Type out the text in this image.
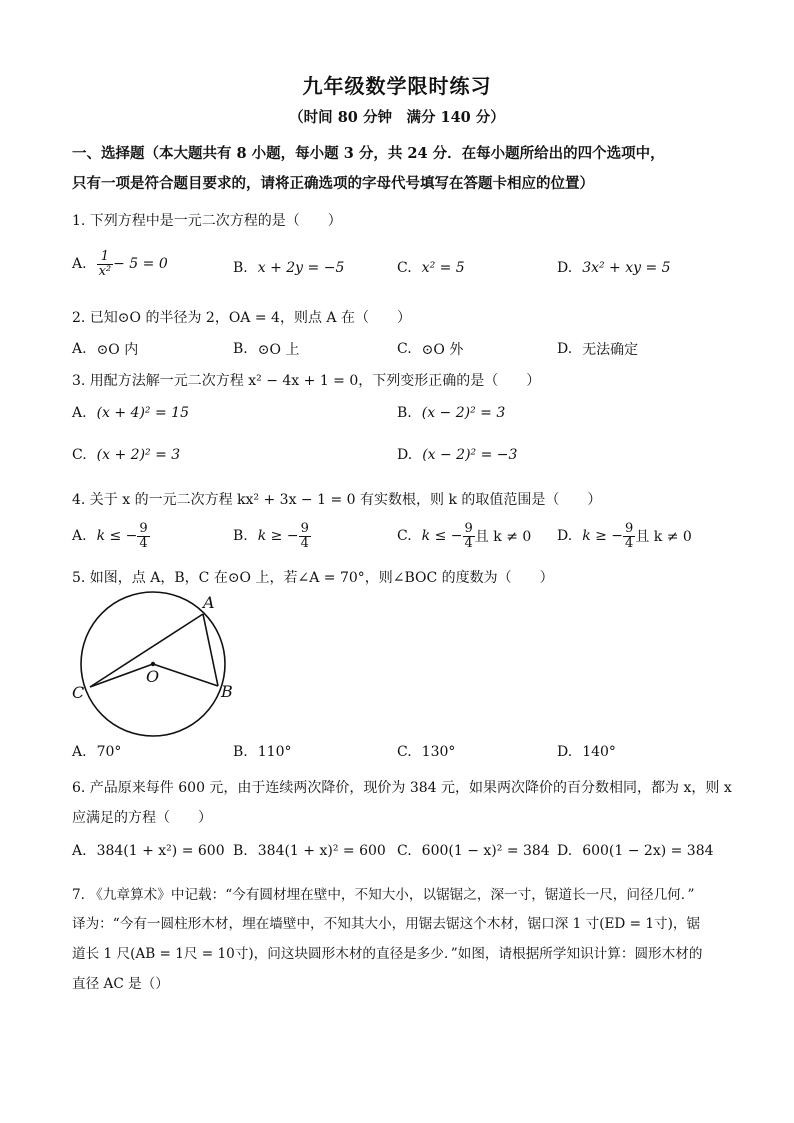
九年级数学限时练习
（时间 80 分钟　满分 140 分）
一、选择题（本大题共有 8 小题，每小题 3 分，共 24 分．在每小题所给出的四个选项中，
只有一项是符合题目要求的，请将正确选项的字母代号填写在答题卡相应的位置）
1. 下列方程中是一元二次方程的是（　　）
A. $\frac{1}{\text{x²}} - 5 = 0$	B. x + 2y = −5	C. x² = 5	D. 3x² + xy = 5
2. 已知⊙O 的半径为 2，OA = 4，则点 A 在（　　）
A. ⊙O 内	B. ⊙O 上	C. ⊙O 外	D. 无法确定
3. 用配方法解一元二次方程 x² − 4x + 1 = 0，下列变形正确的是（　　）
A. (x + 4)² = 15	B. (x − 2)² = 3
C. (x + 2)² = 3	D. (x − 2)² = −3
4. 关于 x 的一元二次方程 kx² + 3x − 1 = 0 有实数根，则 k 的取值范围是（　　）
A. k ≤ − $\frac{9}{4}$	B. k ≥ − $\frac{9}{4}$	C. k ≤ − $\frac{9}{4}$ 且 k ≠ 0 D. k ≥ − $\frac{9}{4}$ 且 k ≠ 0
5. 如图，点 A，B，C 在⊙O 上，若∠A = 70°，则∠BOC 的度数为（　　）
A
B
C
O
A. 70°	B. 110°	C. 130°	D. 140°
6. 产品原来每件 600 元，由于连续两次降价，现价为 384 元，如果两次降价的百分数相同，都为 x，则 x
应满足的方程（　　）
A. 384(1 + x²) = 600 B. 384(1 + x)² = 600 C. 600(1 − x)² = 384 D. 600(1 − 2x) = 384
7. 《九章算术》中记载：“今有圆材埋在壁中，不知大小，以锯锯之，深一寸，锯道长一尺，问径几何．”
译为：“今有一圆柱形木材，埋在墙壁中，不知其大小，用锯去锯这个木材，锯口深 1 寸(ED = 1寸)，锯
道长 1 尺(AB = 1尺 = 10寸)，问这块圆形木材的直径是多少．”如图，请根据所学知识计算：圆形木材的
直径 AC 是（）
